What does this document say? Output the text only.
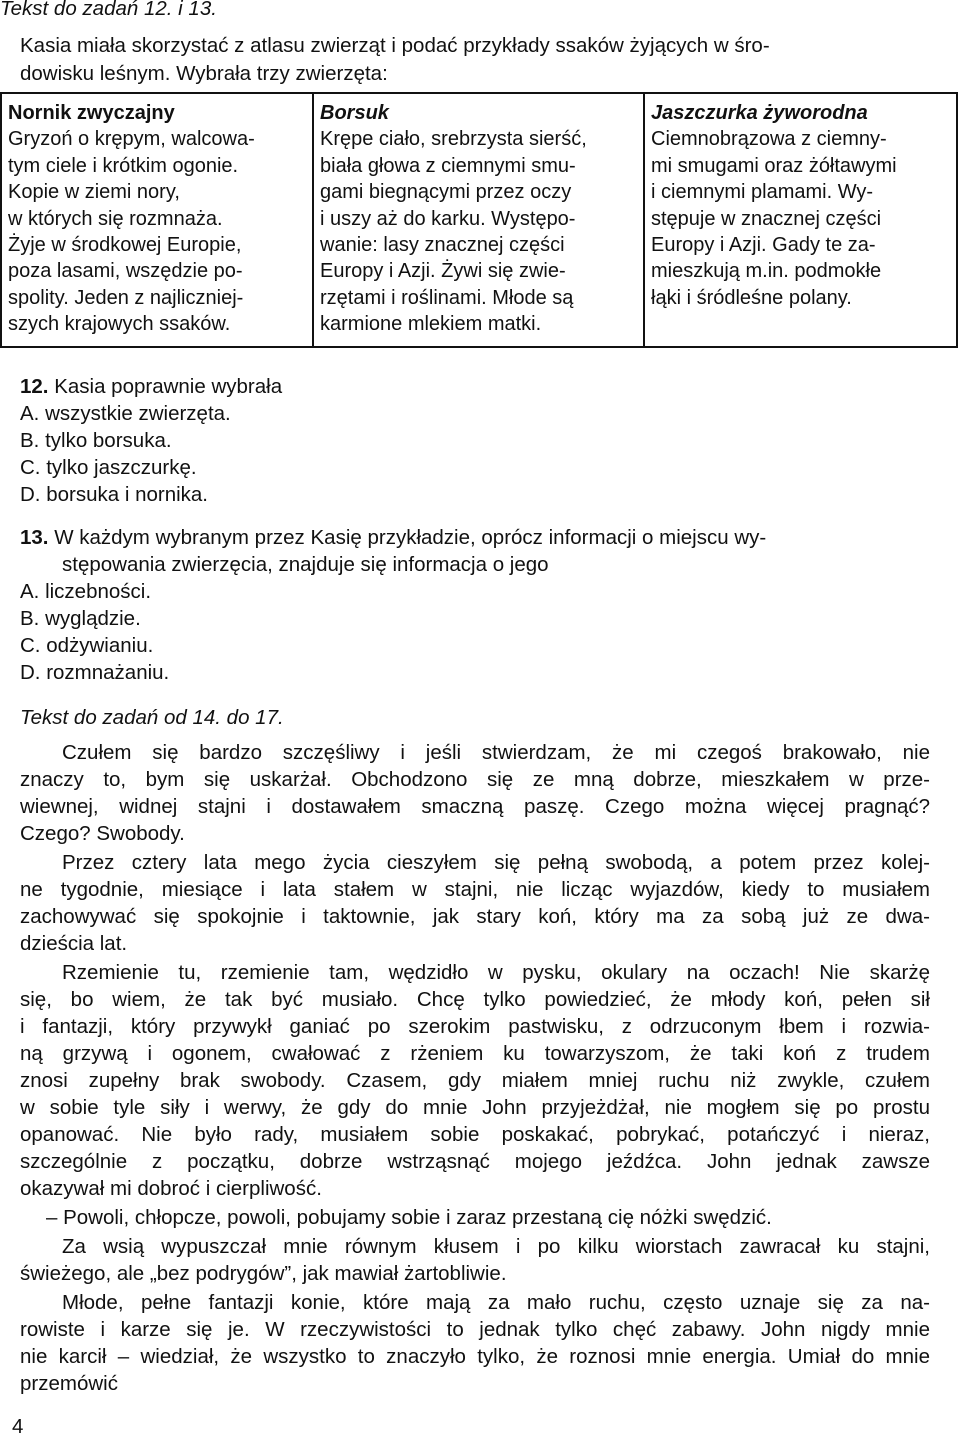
Tekst do zadań 12. i 13.
Kasia miała skorzystać z atlasu zwierząt i podać przykłady ssaków żyjących w śro-
dowisku leśnym. Wybrała trzy zwierzęta:
Nornik zwyczajny
Gryzoń o krępym, walcowa-
tym ciele i krótkim ogonie.
Kopie w ziemi nory,
w których się rozmnaża.
Żyje w środkowej Europie,
poza lasami, wszędzie po-
spolity. Jeden z najliczniej-
szych krajowych ssaków.

Borsuk
Krępe ciało, srebrzysta sierść,
biała głowa z ciemnymi smu-
gami biegnącymi przez oczy
i uszy aż do karku. Występo-
wanie: lasy znacznej części
Europy i Azji. Żywi się zwie-
rzętami i roślinami. Młode są
karmione mlekiem matki.

Jaszczurka żyworodna
Ciemnobrązowa z ciemny-
mi smugami oraz żółtawymi
i ciemnymi plamami. Wy-
stępuje w znacznej części
Europy i Azji. Gady te za-
mieszkują m.in. podmokłe
łąki i śródleśne polany.
12. Kasia poprawnie wybrała
A. wszystkie zwierzęta.
B. tylko borsuka.
C. tylko jaszczurkę.
D. borsuka i nornika.
13. W każdym wybranym przez Kasię przykładzie, oprócz informacji o miejscu wy-
stępowania zwierzęcia, znajduje się informacja o jego
A. liczebności.
B. wyglądzie.
C. odżywianiu.
D. rozmnażaniu.
Tekst do zadań od 14. do 17.
Czułem się bardzo szczęśliwy i jeśli stwierdzam, że mi czegoś brakowało, nie
znaczy to, bym się uskarżał. Obchodzono się ze mną dobrze, mieszkałem w prze-
wiewnej, widnej stajni i dostawałem smaczną paszę. Czego można więcej pragnąć?
Czego? Swobody.
Przez cztery lata mego życia cieszyłem się pełną swobodą, a potem przez kolej-
ne tygodnie, miesiące i lata stałem w stajni, nie licząc wyjazdów, kiedy to musiałem
zachowywać się spokojnie i taktownie, jak stary koń, który ma za sobą już ze dwa-
dzieścia lat.
Rzemienie tu, rzemienie tam, wędzidło w pysku, okulary na oczach! Nie skarżę
się, bo wiem, że tak być musiało. Chcę tylko powiedzieć, że młody koń, pełen sił
i fantazji, który przywykł ganiać po szerokim pastwisku, z odrzuconym łbem i rozwia-
ną grzywą i ogonem, cwałować z rżeniem ku towarzyszom, że taki koń z trudem
znosi zupełny brak swobody. Czasem, gdy miałem mniej ruchu niż zwykle, czułem
w sobie tyle siły i werwy, że gdy do mnie John przyjeżdżał, nie mogłem się po prostu
opanować. Nie było rady, musiałem sobie poskakać, pobrykać, potańczyć i nieraz,
szczególnie z początku, dobrze wstrząsnąć mojego jeźdźca. John jednak zawsze
okazywał mi dobroć i cierpliwość.
– Powoli, chłopcze, powoli, pobujamy sobie i zaraz przestaną cię nóżki swędzić.
Za wsią wypuszczał mnie równym kłusem i po kilku wiorstach zawracał ku stajni,
świeżego, ale „bez podrygów”, jak mawiał żartobliwie.
Młode, pełne fantazji konie, które mają za mało ruchu, często uznaje się za na-
rowiste i karze się je. W rzeczywistości to jednak tylko chęć zabawy. John nigdy mnie
nie karcił – wiedział, że wszystko to znaczyło tylko, że roznosi mnie energia. Umiał do mnie przemówić
4
